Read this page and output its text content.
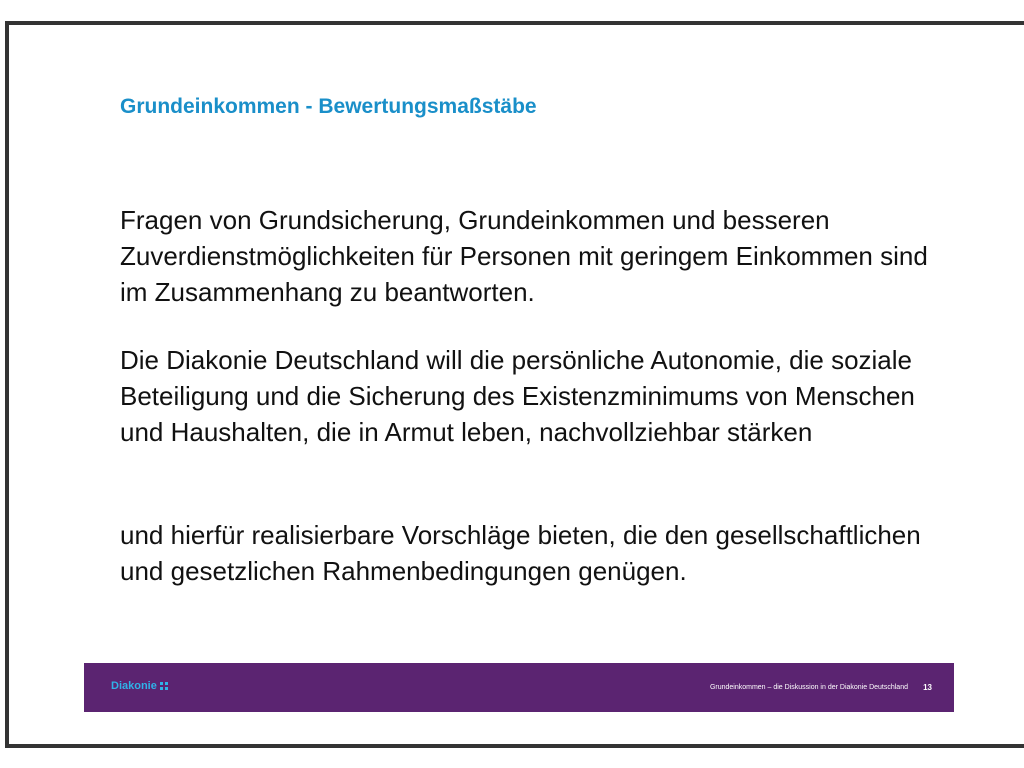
Grundeinkommen - Bewertungsmaßstäbe

Fragen von Grundsicherung, Grundeinkommen und besseren Zuverdienstmöglichkeiten für Personen mit geringem Einkommen sind im Zusammenhang zu beantworten.

Die Diakonie Deutschland will die persönliche Autonomie, die soziale Beteiligung und die Sicherung des Existenzminimums von Menschen und Haushalten, die in Armut leben, nachvollziehbar stärken

und hierfür realisierbare Vorschläge bieten, die den gesellschaftlichen und gesetzlichen Rahmenbedingungen genügen.

Diakonie	Grundeinkommen – die Diskussion in der Diakonie Deutschland 13
